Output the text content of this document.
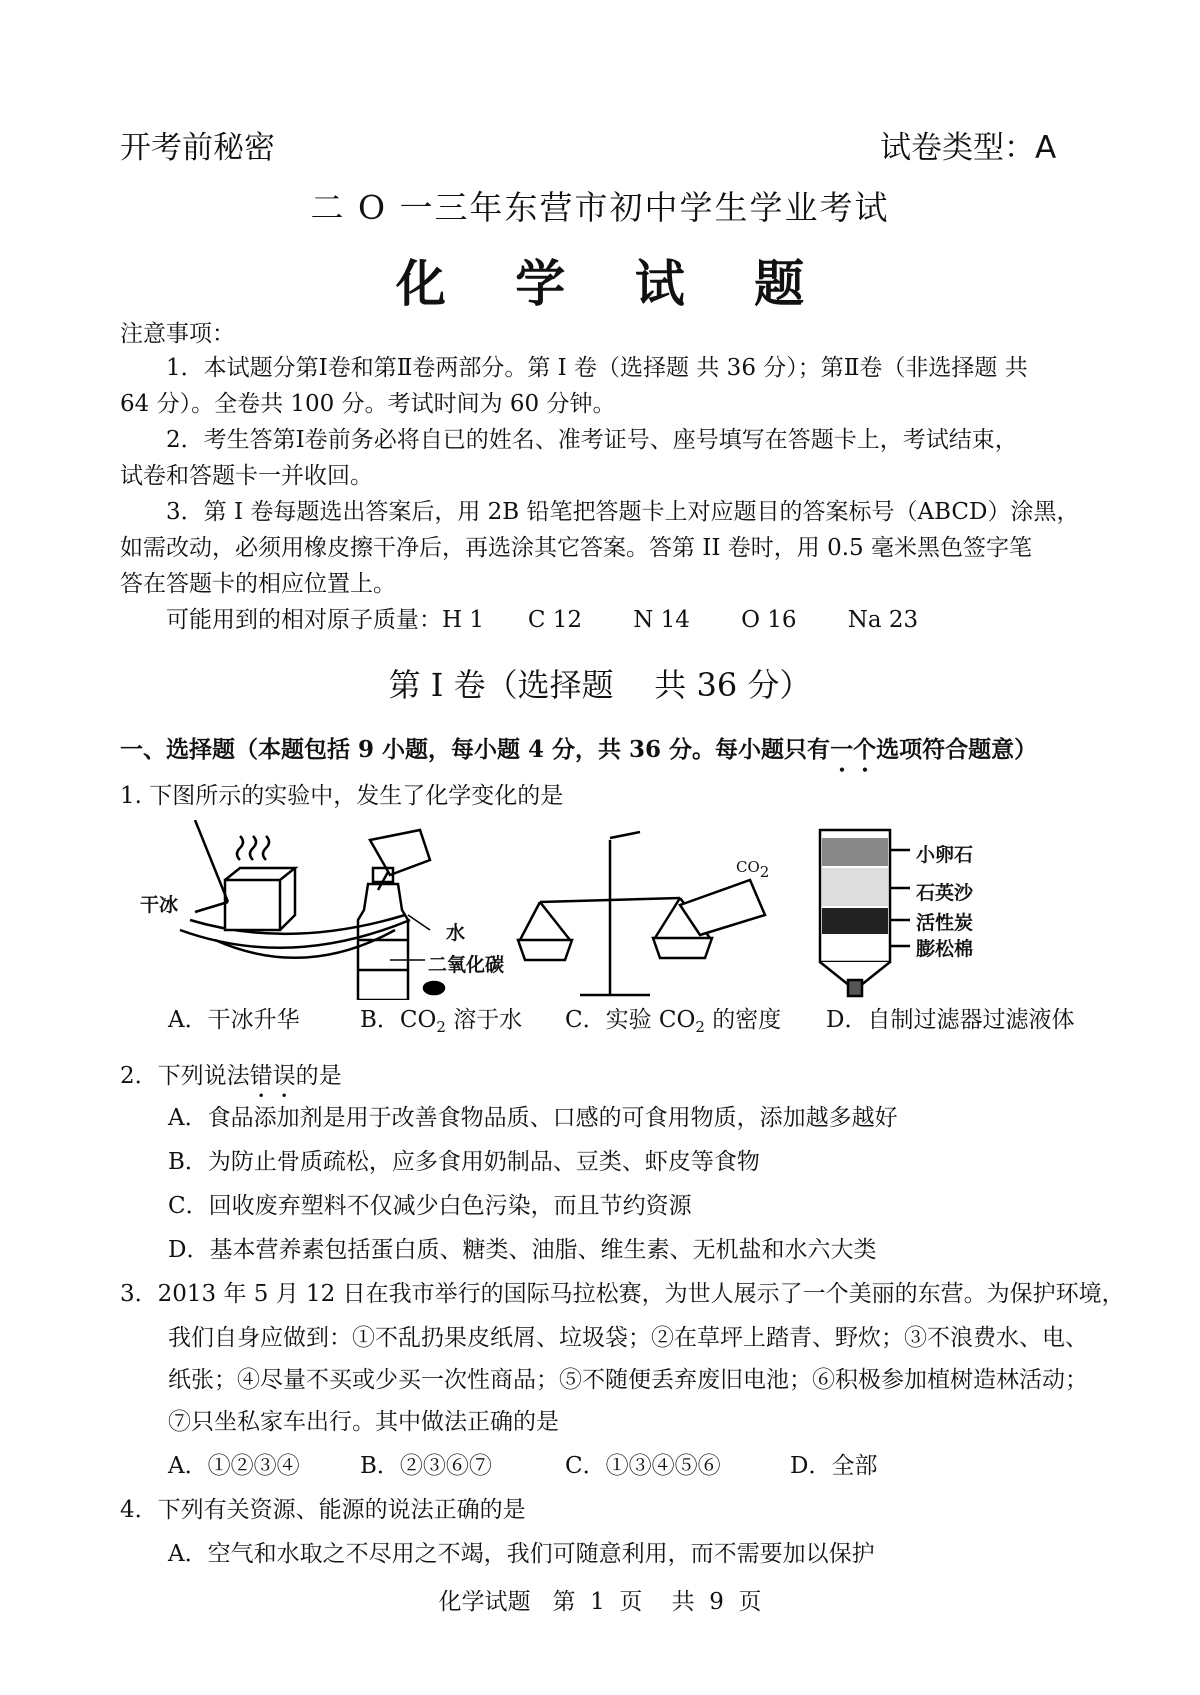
开考前秘密	试卷类型：A
二 O 一三年东营市初中学生学业考试
化 学 试 题
注意事项：
1．本试题分第Ⅰ卷和第Ⅱ卷两部分。第 I 卷（选择题 共 36 分）；第Ⅱ卷（非选择题 共
64 分）。全卷共 100 分。考试时间为 60 分钟。
2．考生答第Ⅰ卷前务必将自已的姓名、准考证号、座号填写在答题卡上，考试结束，
试卷和答题卡一并收回。
3．第 I 卷每题选出答案后，用 2B 铅笔把答题卡上对应题目的答案标号（ABCD）涂黑，
如需改动，必须用橡皮擦干净后，再选涂其它答案。答第 II 卷时，用 0.5 毫米黑色签字笔
答在答题卡的相应位置上。
可能用到的相对原子质量：H 1      C 12       N 14       O 16       Na 23
第 I 卷（选择题    共 36 分）
一、选择题（本题包括 9 小题，每小题 4 分，共 36 分。每小题只有一个选项符合题意）
1. 下图所示的实验中，发生了化学变化的是
干冰
水
二氧化碳
$CO_2$
小卵石
石英沙
活性炭
膨松棉
A．干冰升华	B．$CO_2$ 溶于水 C．实验 $CO_2$ 的密度 D．自制过滤器过滤液体
2．下列说法错误的是
A．食品添加剂是用于改善食物品质、口感的可食用物质，添加越多越好
B．为防止骨质疏松，应多食用奶制品、豆类、虾皮等食物
C．回收废弃塑料不仅减少白色污染，而且节约资源
D．基本营养素包括蛋白质、糖类、油脂、维生素、无机盐和水六大类
3．2013 年 5 月 12 日在我市举行的国际马拉松赛，为世人展示了一个美丽的东营。为保护环境，
我们自身应做到：①不乱扔果皮纸屑、垃圾袋；②在草坪上踏青、野炊；③不浪费水、电、
纸张；④尽量不买或少买一次性商品；⑤不随便丢弃废旧电池；⑥积极参加植树造林活动；
⑦只坐私家车出行。其中做法正确的是
A．①②③④	B．②③⑥⑦	C．①③④⑤⑥	D．全部
4．下列有关资源、能源的说法正确的是
A．空气和水取之不尽用之不竭，我们可随意利用，而不需要加以保护
化学试题   第  1  页    共  9  页
